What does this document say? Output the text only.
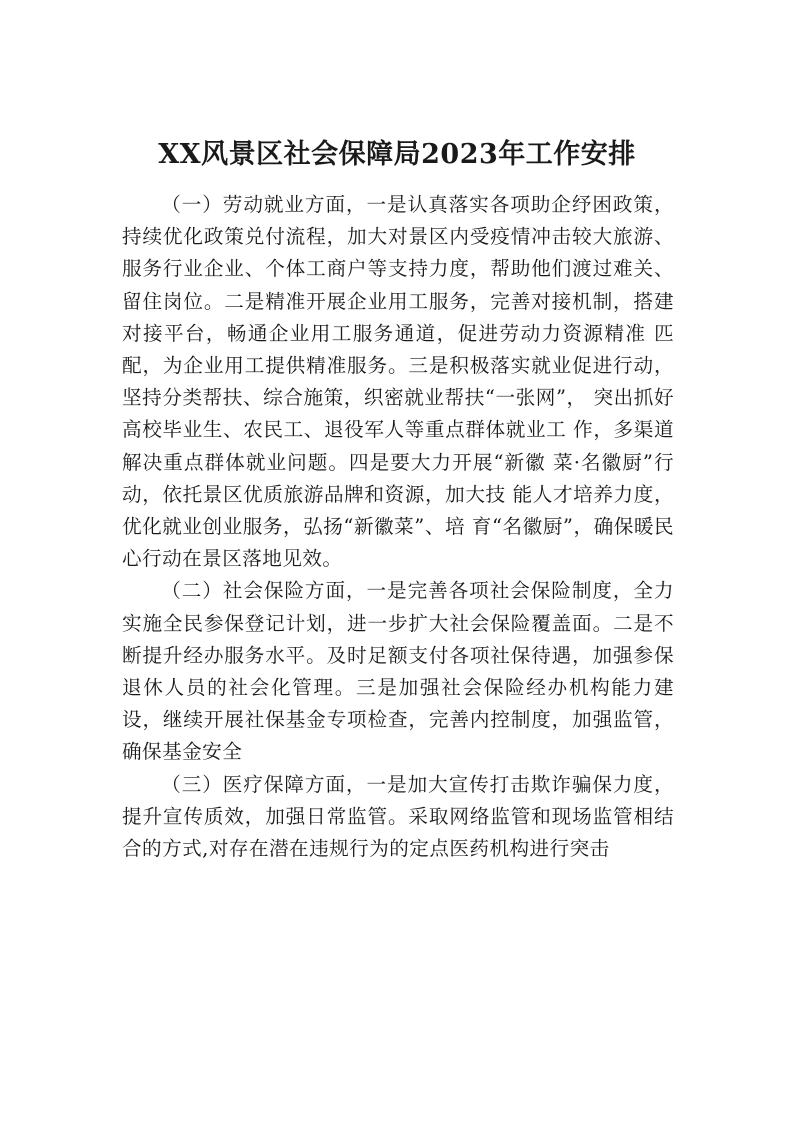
XX风景区社会保障局2023年工作安排

（一）劳动就业方面，一是认真落实各项助企纾困政策，持续优化政策兑付流程，加大对景区内受疫情冲击较大旅游、服务行业企业、个体工商户等支持力度，帮助他们渡过难关、留住岗位。二是精准开展企业用工服务，完善对接机制，搭建对接平台，畅通企业用工服务通道，促进劳动力资源精准 匹配，为企业用工提供精准服务。三是积极落实就业促进行动，坚持分类帮扶、综合施策，织密就业帮扶“一张网”， 突出抓好高校毕业生、农民工、退役军人等重点群体就业工 作，多渠道解决重点群体就业问题。四是要大力开展“新徽 菜·名徽厨”行动，依托景区优质旅游品牌和资源，加大技 能人才培养力度，优化就业创业服务，弘扬“新徽菜”、培 育“名徽厨”，确保暖民心行动在景区落地见效。

（二）社会保险方面，一是完善各项社会保险制度，全力实施全民参保登记计划，进一步扩大社会保险覆盖面。二是不断提升经办服务水平。及时足额支付各项社保待遇，加强参保退休人员的社会化管理。三是加强社会保险经办机构能力建设，继续开展社保基金专项检查，完善内控制度，加强监管，确保基金安全

（三）医疗保障方面，一是加大宣传打击欺诈骗保力度，提升宣传质效，加强日常监管。采取网络监管和现场监管相结合的方式,对存在潜在违规行为的定点医药机构进行突击
